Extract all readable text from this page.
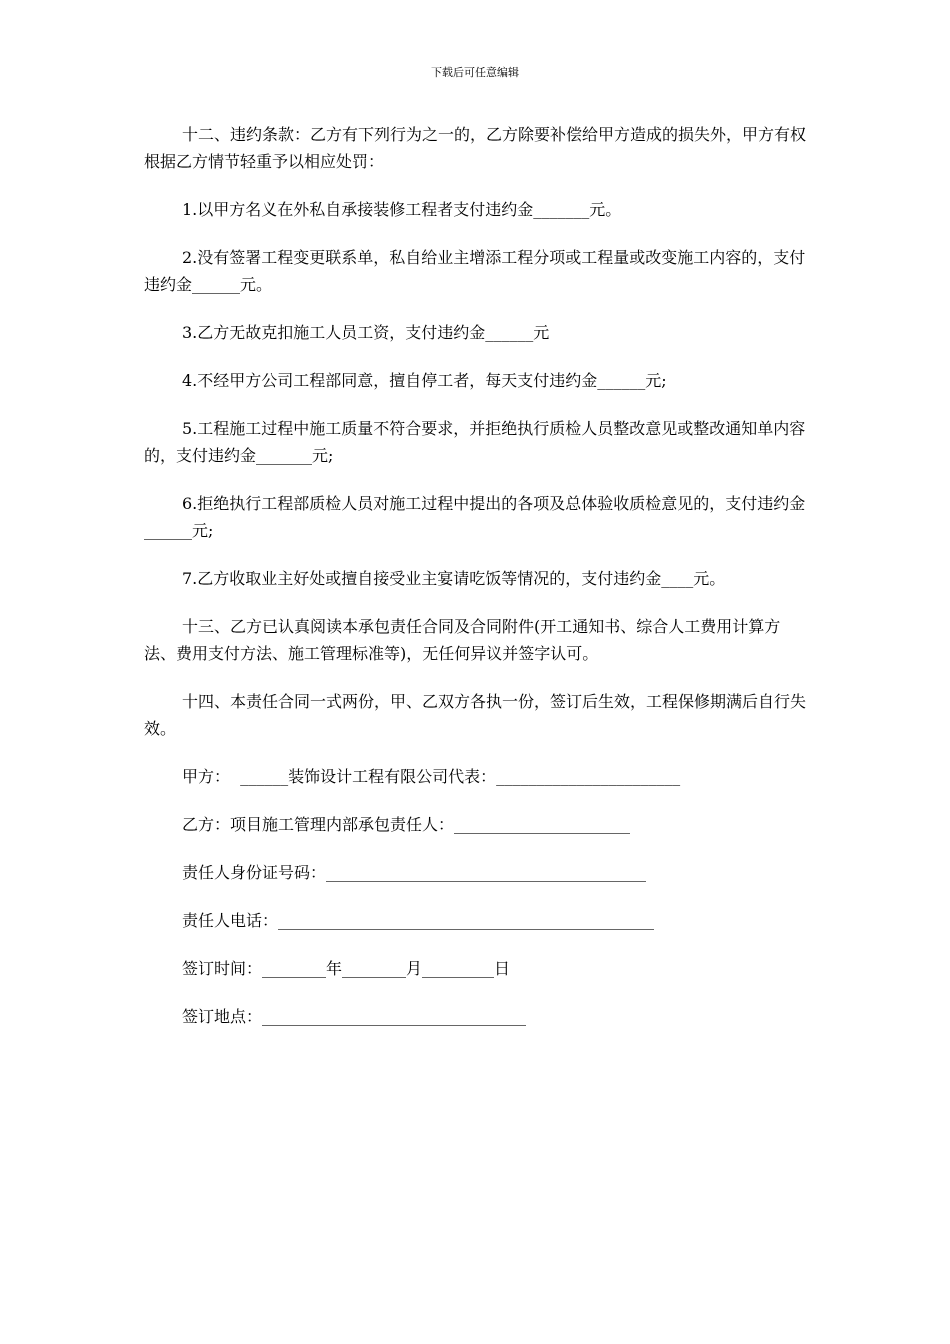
下载后可任意编辑

十二、违约条款：乙方有下列行为之一的，乙方除要补偿给甲方造成的损失外，甲方有权根据乙方情节轻重予以相应处罚：

1.以甲方名义在外私自承接装修工程者支付违约金_______元。

2.没有签署工程变更联系单，私自给业主增添工程分项或工程量或改变施工内容的，支付违约金______元。

3.乙方无故克扣施工人员工资，支付违约金______元

4.不经甲方公司工程部同意，擅自停工者，每天支付违约金______元;

5.工程施工过程中施工质量不符合要求，并拒绝执行质检人员整改意见或整改通知单内容的，支付违约金_______元;

6.拒绝执行工程部质检人员对施工过程中提出的各项及总体验收质检意见的，支付违约金______元;

7.乙方收取业主好处或擅自接受业主宴请吃饭等情况的，支付违约金____元。

十三、乙方已认真阅读本承包责任合同及合同附件(开工通知书、综合人工费用计算方法、费用支付方法、施工管理标准等)，无任何异议并签字认可。

十四、本责任合同一式两份，甲、乙双方各执一份，签订后生效，工程保修期满后自行失效。

甲方：  ______装饰设计工程有限公司代表：_______________________

乙方：项目施工管理内部承包责任人：______________________

责任人身份证号码：________________________________________

责任人电话：_______________________________________________

签订时间：________年________月_________日

签订地点：_________________________________
